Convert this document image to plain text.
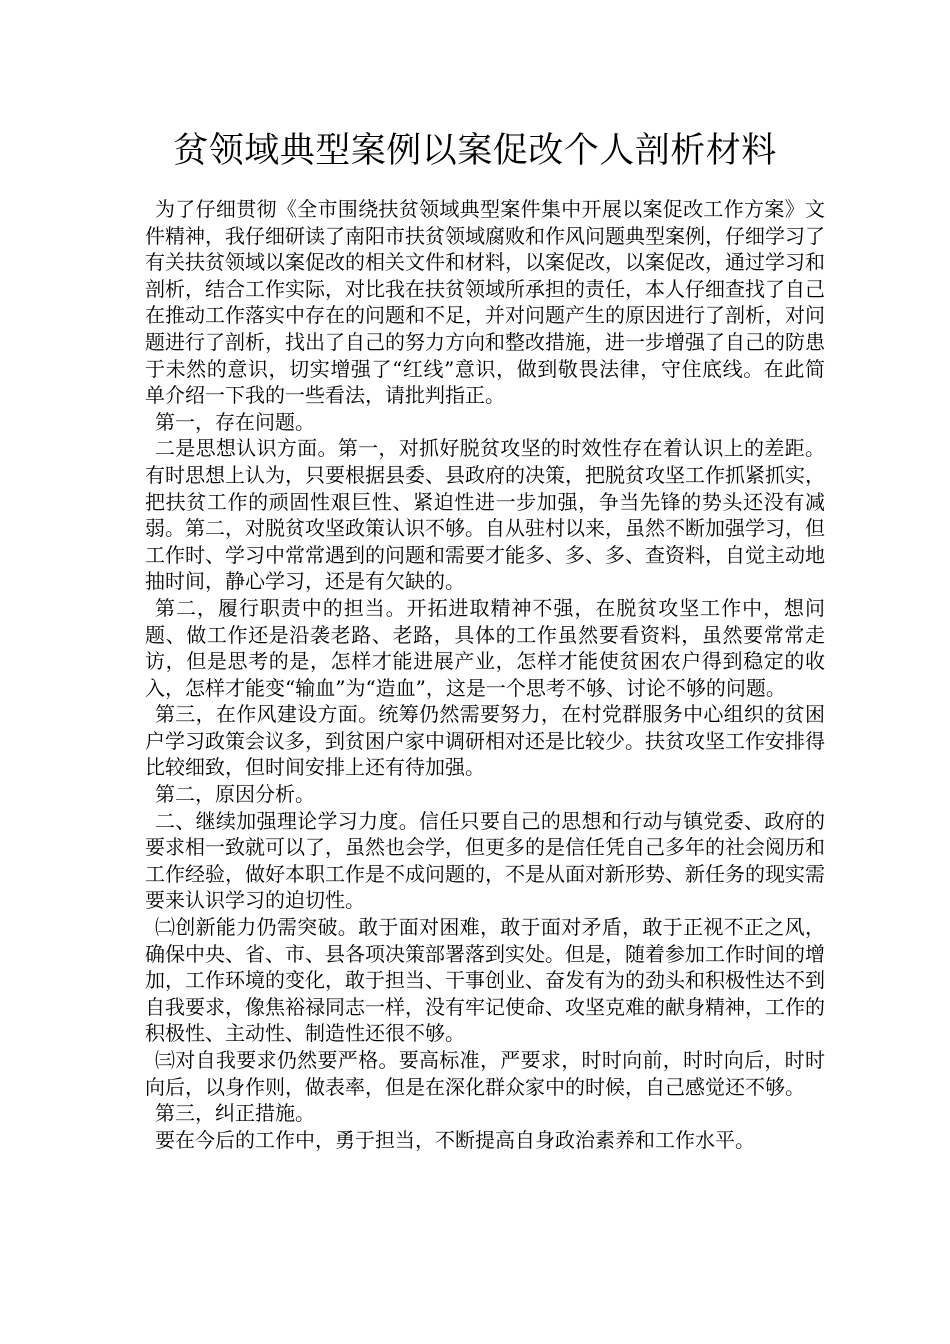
贫领域典型案例以案促改个人剖析材料

为了仔细贯彻《全市围绕扶贫领域典型案件集中开展以案促改工作方案》文件精神，我仔细研读了南阳市扶贫领域腐败和作风问题典型案例，仔细学习了有关扶贫领域以案促改的相关文件和材料，以案促改，以案促改，通过学习和剖析，结合工作实际，对比我在扶贫领域所承担的责任，本人仔细查找了自己在推动工作落实中存在的问题和不足，并对问题产生的原因进行了剖析，对问题进行了剖析，找出了自己的努力方向和整改措施，进一步增强了自己的防患于未然的意识，切实增强了“红线”意识，做到敬畏法律，守住底线。在此简单介绍一下我的一些看法，请批判指正。

第一，存在问题。

二是思想认识方面。第一，对抓好脱贫攻坚的时效性存在着认识上的差距。有时思想上认为，只要根据县委、县政府的决策，把脱贫攻坚工作抓紧抓实，把扶贫工作的顽固性艰巨性、紧迫性进一步加强，争当先锋的势头还没有减弱。第二，对脱贫攻坚政策认识不够。自从驻村以来，虽然不断加强学习，但工作时、学习中常常遇到的问题和需要才能多、多、多、查资料，自觉主动地抽时间，静心学习，还是有欠缺的。

第二，履行职责中的担当。开拓进取精神不强，在脱贫攻坚工作中，想问题、做工作还是沿袭老路、老路，具体的工作虽然要看资料，虽然要常常走访，但是思考的是，怎样才能进展产业，怎样才能使贫困农户得到稳定的收入，怎样才能变“输血”为“造血”，这是一个思考不够、讨论不够的问题。

第三，在作风建设方面。统筹仍然需要努力，在村党群服务中心组织的贫困户学习政策会议多，到贫困户家中调研相对还是比较少。扶贫攻坚工作安排得比较细致，但时间安排上还有待加强。

第二，原因分析。

二、继续加强理论学习力度。信任只要自己的思想和行动与镇党委、政府的要求相一致就可以了，虽然也会学，但更多的是信任凭自己多年的社会阅历和工作经验，做好本职工作是不成问题的，不是从面对新形势、新任务的现实需要来认识学习的迫切性。

㈡创新能力仍需突破。敢于面对困难，敢于面对矛盾，敢于正视不正之风，确保中央、省、市、县各项决策部署落到实处。但是，随着参加工作时间的增加，工作环境的变化，敢于担当、干事创业、奋发有为的劲头和积极性达不到自我要求，像焦裕禄同志一样，没有牢记使命、攻坚克难的献身精神，工作的积极性、主动性、制造性还很不够。

㈢对自我要求仍然要严格。要高标准，严要求，时时向前，时时向后，时时向后，以身作则，做表率，但是在深化群众家中的时候，自己感觉还不够。

第三，纠正措施。

要在今后的工作中，勇于担当，不断提高自身政治素养和工作水平。
